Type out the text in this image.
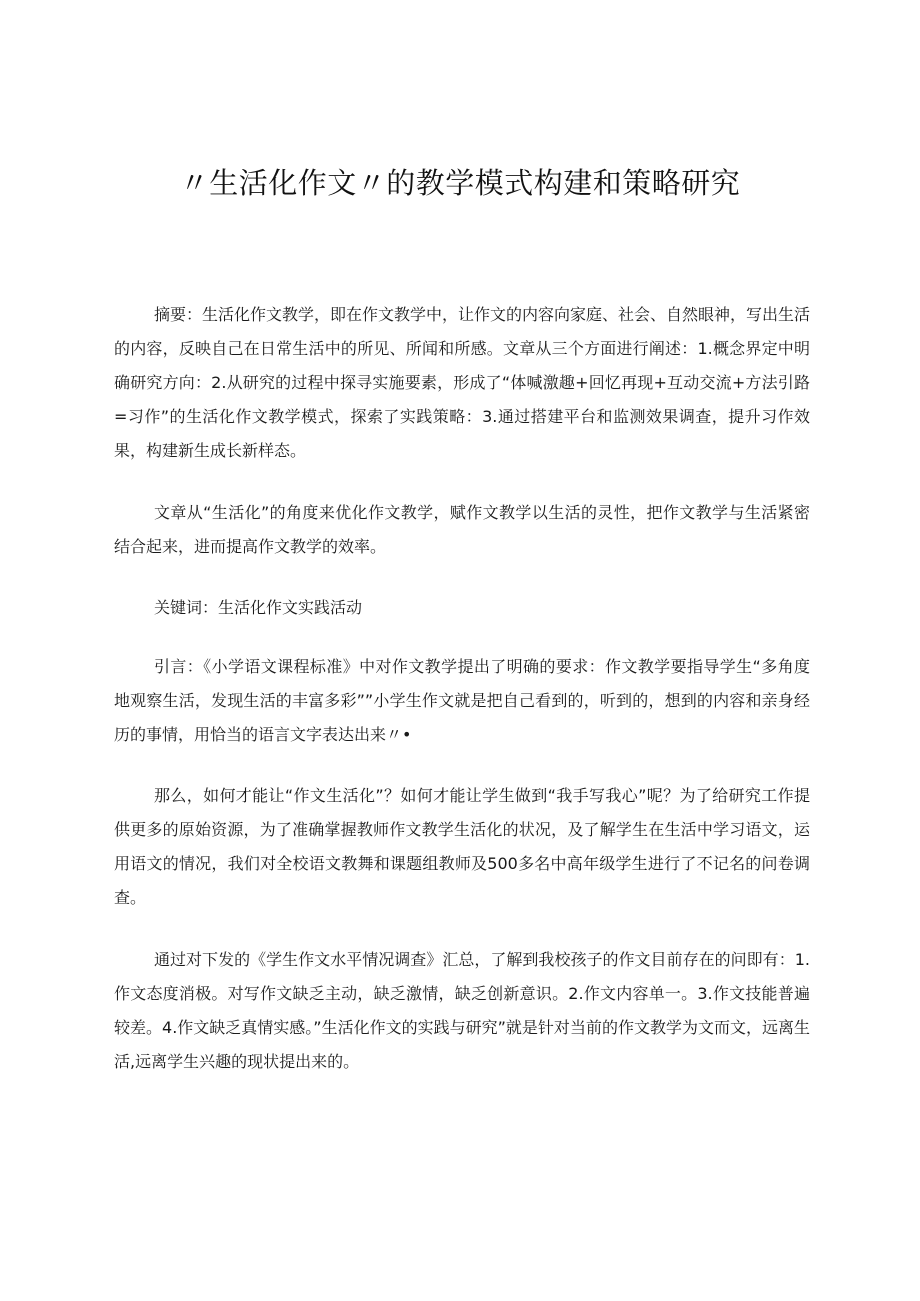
〃生活化作文〃的教学模式构建和策略研究

摘要：生活化作文教学，即在作文教学中，让作文的内容向家庭、社会、自然眼神，写出生活的内容，反映自己在日常生活中的所见、所闻和所感。文章从三个方面进行阐述：1.概念界定中明确研究方向：2.从研究的过程中探寻实施要素，形成了“体喊激趣+回忆再现+互动交流+方法引路=习作”的生活化作文教学模式，探索了实践策略：3.通过搭建平台和监测效果调查，提升习作效果，构建新生成长新样态。

文章从“生活化”的角度来优化作文教学，赋作文教学以生活的灵性，把作文教学与生活紧密结合起来，进而提高作文教学的效率。

关键词：生活化作文实践活动

引言：《小学语文课程标准》中对作文教学提出了明确的要求：作文教学要指导学生“多角度地观察生活，发现生活的丰富多彩””小学生作文就是把自己看到的，听到的，想到的内容和亲身经历的事情，用恰当的语言文字表达出来〃•

那么，如何才能让“作文生活化”？如何才能让学生做到“我手写我心”呢？为了给研究工作提供更多的原始资源，为了准确掌握教师作文教学生活化的状况，及了解学生在生活中学习语文，运用语文的情况，我们对全校语文教舞和课题组教师及500多名中高年级学生进行了不记名的问卷调查。

通过对下发的《学生作文水平情况调查》汇总，了解到我校孩子的作文目前存在的问即有：1.作文态度消极。对写作文缺乏主动，缺乏激情，缺乏创新意识。2.作文内容单一。3.作文技能普遍较差。4.作文缺乏真情实感。”生活化作文的实践与研究”就是针对当前的作文教学为文而文，远离生活,远离学生兴趣的现状提出来的。
